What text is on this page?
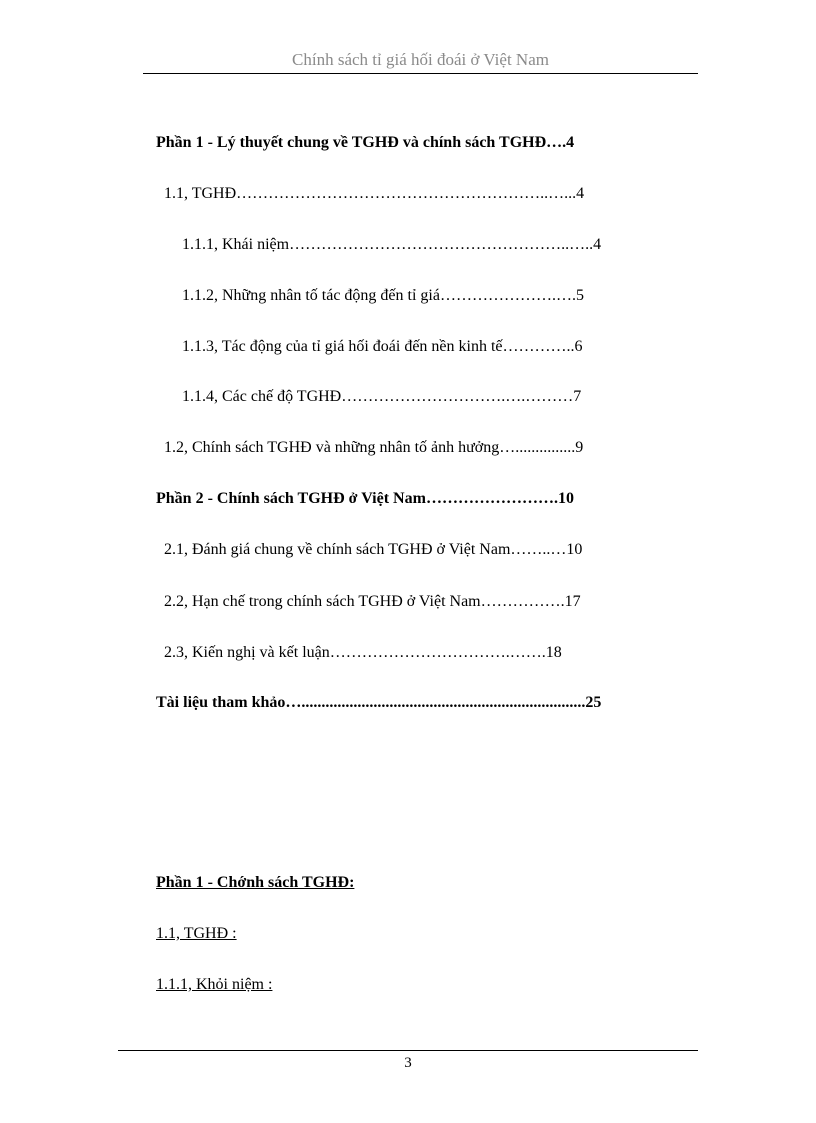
Chính sách tỉ giá hối đoái ở Việt Nam
Phần 1 - Lý thuyết chung về TGHĐ và chính sách TGHĐ….4
1.1, TGHĐ…………………………………………………..…...4
1.1.1, Khái niệm……………………………………………..…..4
1.1.2, Những nhân tố tác động đến tỉ giá………………….….5
1.1.3, Tác động của tỉ giá hối đoái đến nền kinh tế…………..6
1.1.4, Các chế độ TGHĐ………………………….….………7
1.2, Chính sách TGHĐ và những nhân tố ảnh hưởng…...............9
Phần 2 - Chính sách TGHĐ ở Việt Nam…………………….10
2.1, Đánh giá chung về chính sách TGHĐ ở Việt Nam……..…10
2.2, Hạn chế trong chính sách TGHĐ ở Việt Nam…………….17
2.3, Kiến nghị và kết luận…………………………….…….18
Tài liệu tham khảo….......................................................................25
Phần 1 - Chớnh sách TGHĐ:
1.1, TGHĐ :
1.1.1, Khỏi niệm :
3
